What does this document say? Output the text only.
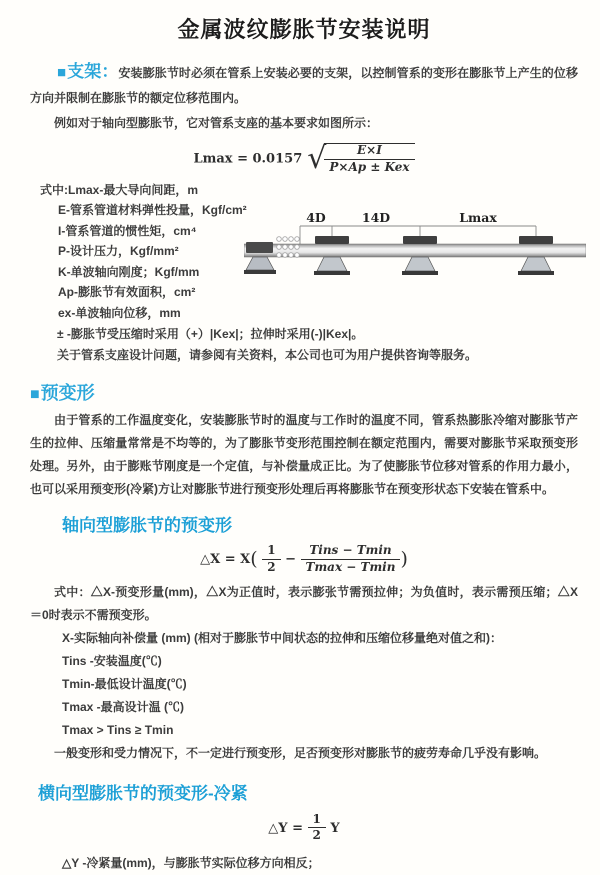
金属波纹膨胀节安装说明

■支架：安装膨胀节时必须在管系上安装必要的支架，以控制管系的变形在膨胀节上产生的位移方向并限制在膨胀节的额定位移范围内。

例如对于轴向型膨胀节，它对管系支座的基本要求如图所示：

Lmax = 0.0157 √
$\frac{E\times I}{\text{P×Ap ± Kex}}$
式中:Lmax-最大导向间距，m
E-管系管道材料弹性投量，Kgf/cm²
I-管系管道的惯性矩，cm⁴
P-设计压力，Kgf/mm²
K-单波轴向刚度；Kgf/mm
Ap-膨胀节有效面积，cm²
ex-单波轴向位移，mm
4D	14D	Lmax

± -膨胀节受压缩时采用（+）|Kex|；拉伸时采用(-)|Kex|。

关于管系支座设计问题，请参阅有关资料，本公司也可为用户提供咨询等服务。

■预变形

由于管系的工作温度变化，安装膨胀节时的温度与工作时的温度不同，管系热膨胀冷缩对膨胀节产生的拉伸、压缩量常常是不均等的，为了膨胀节变形范围控制在额定范围内，需要对膨胀节采取预变形处理。另外，由于膨账节刚度是一个定值，与补偿量成正比。为了使膨胀节位移对管系的作用力最小，也可以采用预变形(冷紧)方让对膨胀节进行预变形处理后再将膨胀节在预变形状态下安装在管系中。

轴向型膨胀节的预变形
△X = $X( \frac{1}{2} - \frac{\text{Tins − Tmin}}{Tmax - Tmin}$ )

式中：△X-预变形量(mm)，△X为正值时，表示膨张节需预拉伸；为负值时，表示需预压缩；△X＝0时表示不需预变形。

X-实际轴向补偿量 (mm) (相对于膨胀节中间状态的拉伸和压缩位移量绝对值之和)：
Tins -安装温度(℃)
Tmin-最低设计温度(℃)
Tmax -最高设计温 (℃)
Tmax > Tins ≥ Tmin

一般变形和受力情况下，不一定进行预变形，足否预变形对膨胀节的疲劳寿命几乎没有影响。

横向型膨胀节的预变形-冷紧
△Y = $\frac{1}{2}$ Y
△Y -冷紧量(mm)，与膨胀节实际位移方向相反；
